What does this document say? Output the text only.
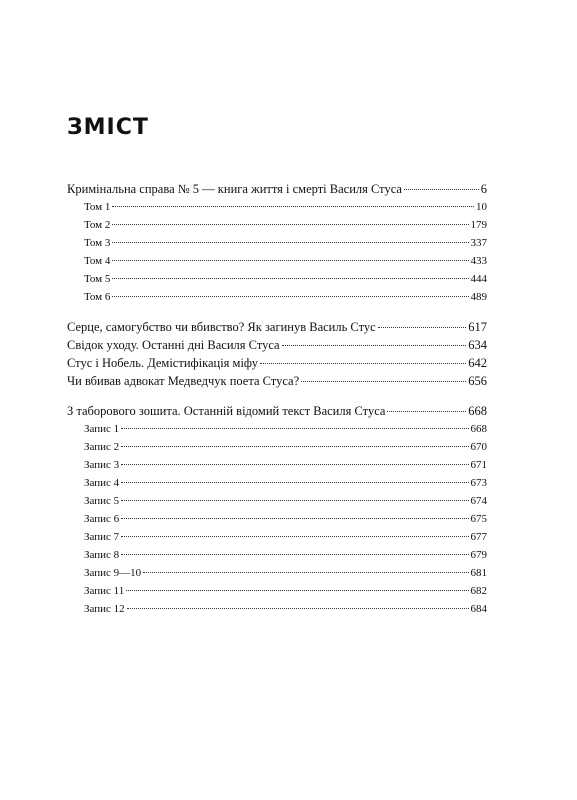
ЗМІСТ
Кримінальна справа № 5 — книга життя і смерті Василя Стуса	6
Том 1	10
Том 2	179
Том 3	337
Том 4	433
Том 5	444
Том 6	489
Серце, самогубство чи вбивство? Як загинув Василь Стус	617
Свідок уходу. Останні дні Василя Стуса	634
Стус і Нобель. Демістифікація міфу	642
Чи вбивав адвокат Медведчук поета Стуса?	656
З таборового зошита. Останній відомий текст Василя Стуса	668
Запис 1	668
Запис 2	670
Запис 3	671
Запис 4	673
Запис 5	674
Запис 6	675
Запис 7	677
Запис 8	679
Запис 9—10	681
Запис 11	682
Запис 12	684
